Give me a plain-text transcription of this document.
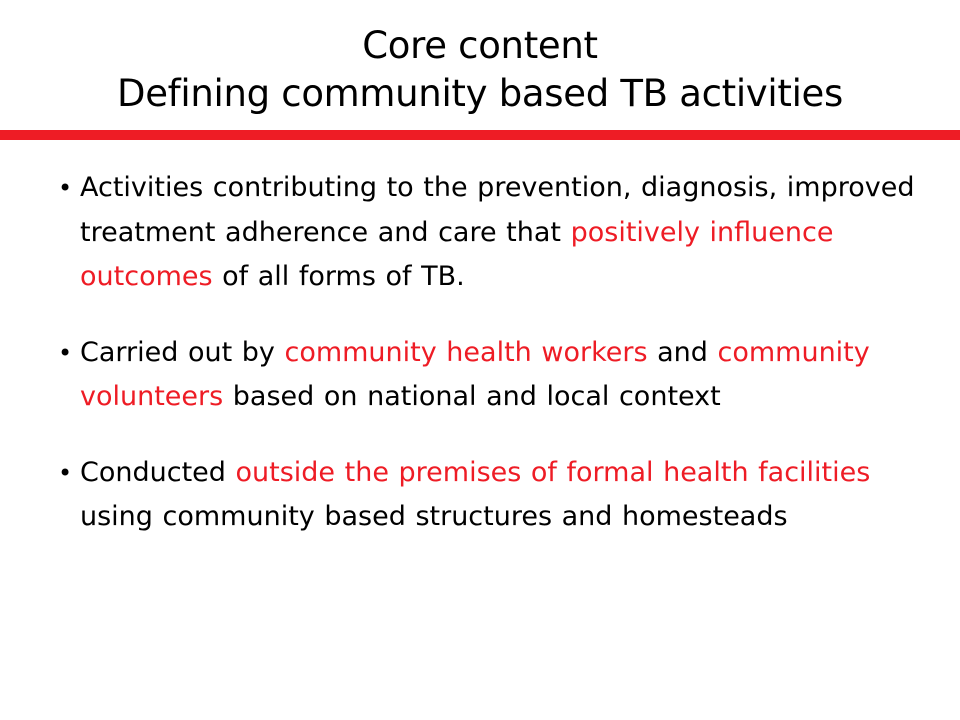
Core content
Defining community based TB activities
• Activities contributing to the prevention, diagnosis, improved treatment adherence and care that positively influence outcomes of all forms of TB.
• Carried out by community health workers and community volunteers based on national and local context
• Conducted outside the premises of formal health facilities using community based structures and homesteads
